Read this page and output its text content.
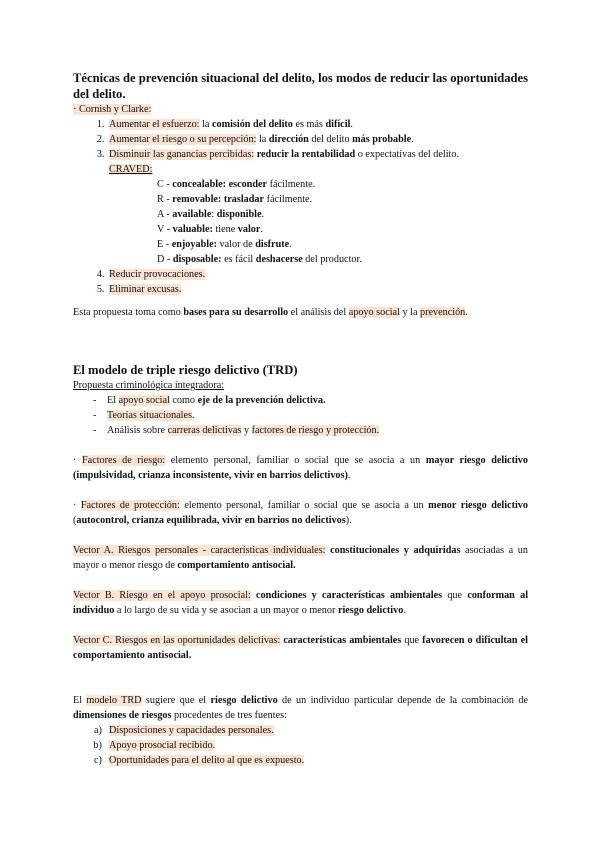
Técnicas de prevención situacional del delito, los modos de reducir las oportunidades del delito.

· Cornish y Clarke:

1. Aumentar el esfuerzo: la comisión del delito es más difícil.
2. Aumentar el riesgo o su percepción: la dirección del delito más probable.
3. Disminuir las ganancias percibidas: reducir la rentabilidad o expectativas del delito.
CRAVED:
C - concealable: esconder fácilmente.
R - removable: trasladar fácilmente.
A - available: disponible.
V - valuable: tiene valor.
E - enjoyable: valor de disfrute.
D - disposable: es fácil deshacerse del productor.
4. Reducir provocaciones.
5. Eliminar excusas.

Esta propuesta toma como bases para su desarrollo el análisis del apoyo social y la prevención.

El modelo de triple riesgo delictivo (TRD)

Propuesta criminológica integradora:

- El apoyo social como eje de la prevención delictiva.
- Teorías situacionales.
- Análisis sobre carreras delictivas y factores de riesgo y protección.

· Factores de riesgo: elemento personal, familiar o social que se asocia a un mayor riesgo delictivo (impulsividad, crianza inconsistente, vivir en barrios delictivos).

· Factores de protección: elemento personal, familiar o social que se asocia a un menor riesgo delictivo (autocontrol, crianza equilibrada, vivir en barrios no delictivos).

Vector A. Riesgos personales - características individuales: constitucionales y adquiridas asociadas a un mayor o menor riesgo de comportamiento antisocial.

Vector B. Riesgo en el apoyo prosocial: condiciones y características ambientales que conforman al individuo a lo largo de su vida y se asocian a un mayor o menor riesgo delictivo.

Vector C. Riesgos en las oportunidades delictivas: características ambientales que favorecen o dificultan el comportamiento antisocial.

El modelo TRD sugiere que el riesgo delictivo de un individuo particular depende de la combinación de dimensiones de riesgos procedentes de tres fuentes:

a. Disposiciones y capacidades personales.
b. Apoyo prosocial recibido.
c. Oportunidades para el delito al que es expuesto.
